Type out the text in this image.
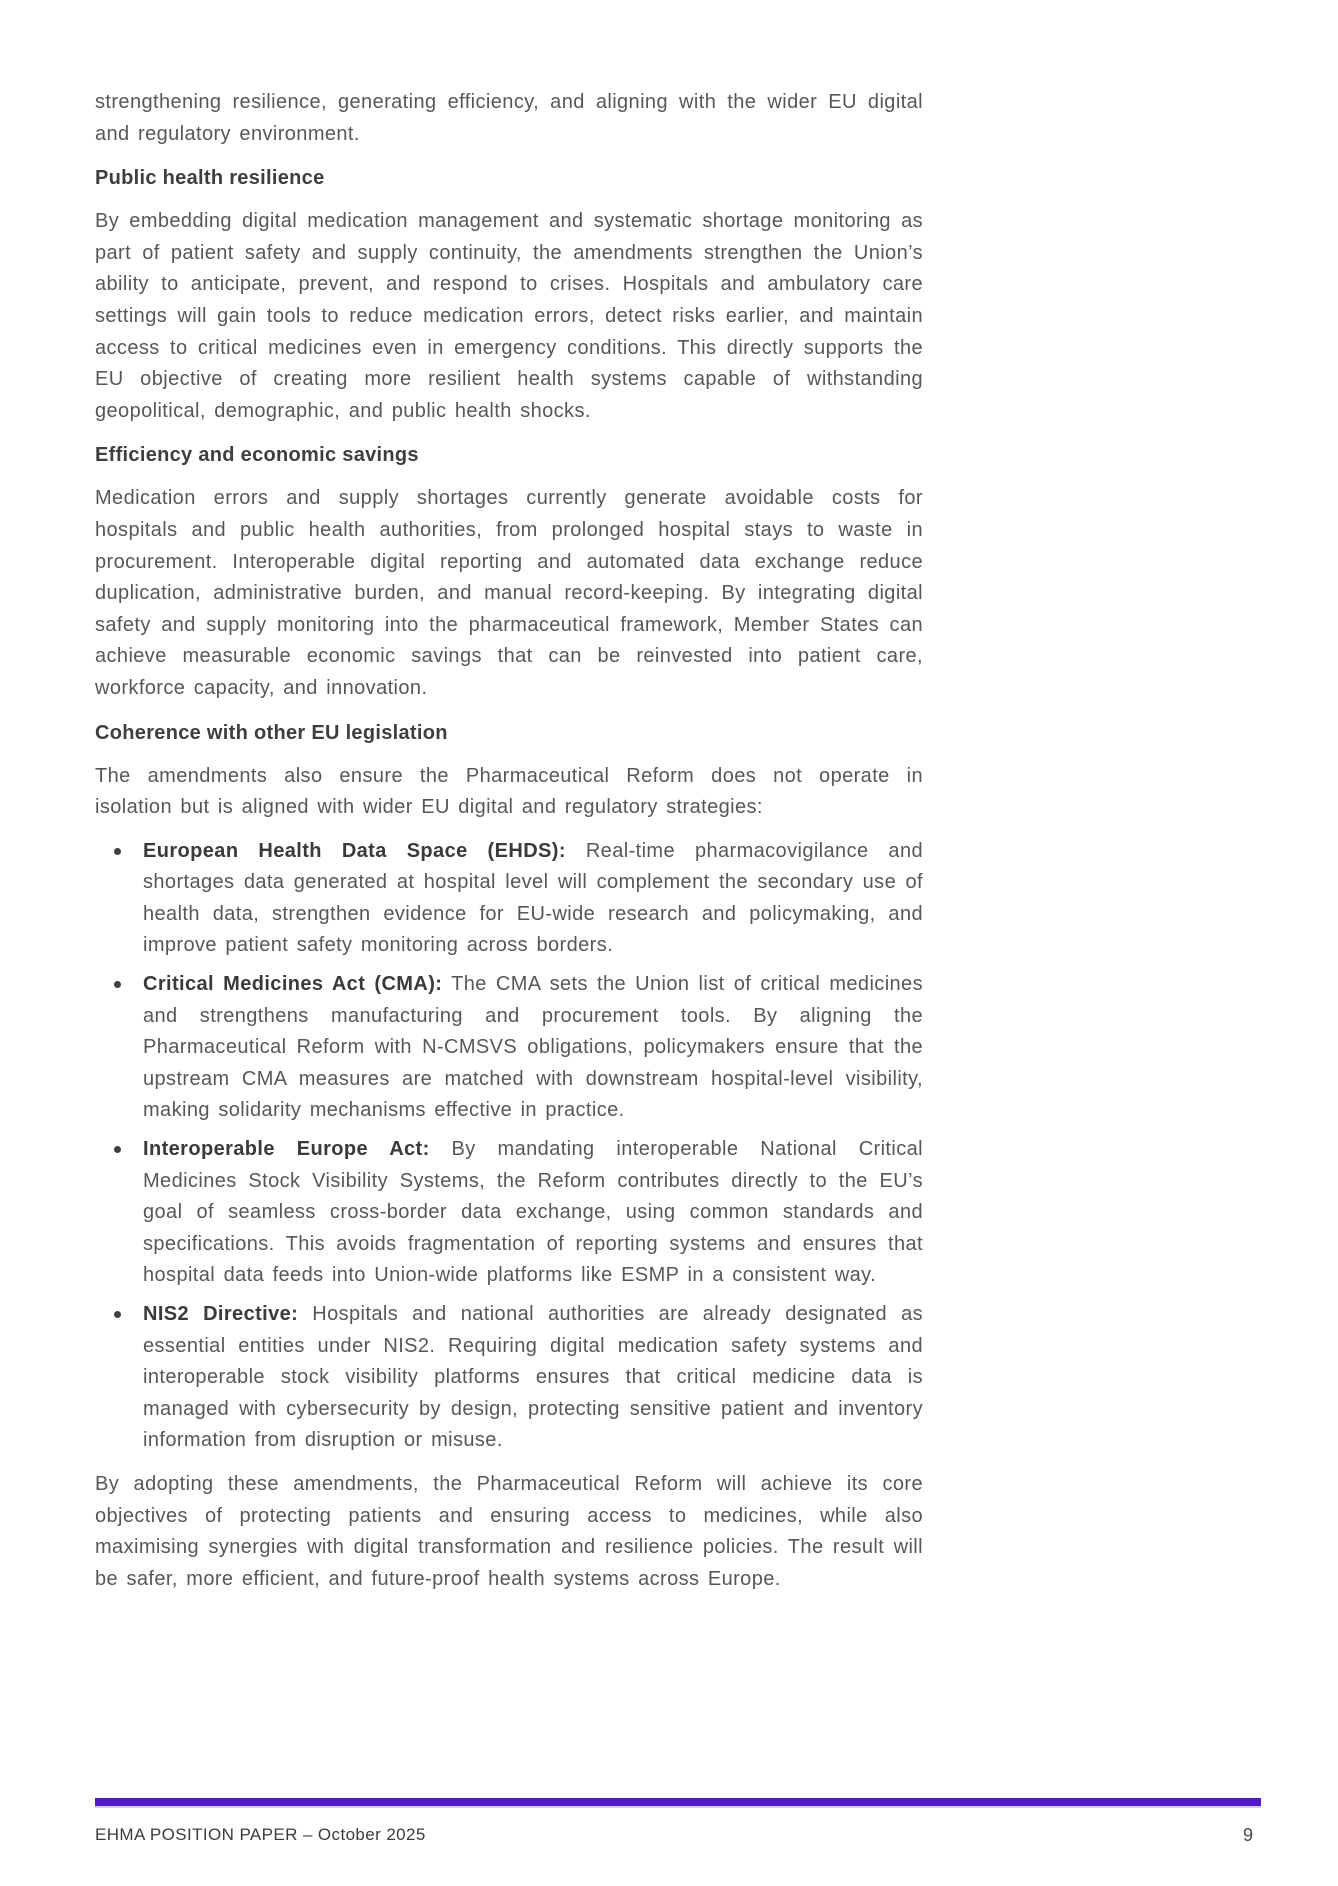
strengthening resilience, generating efficiency, and aligning with the wider EU digital and regulatory environment.

Public health resilience

By embedding digital medication management and systematic shortage monitoring as part of patient safety and supply continuity, the amendments strengthen the Union’s ability to anticipate, prevent, and respond to crises. Hospitals and ambulatory care settings will gain tools to reduce medication errors, detect risks earlier, and maintain access to critical medicines even in emergency conditions. This directly supports the EU objective of creating more resilient health systems capable of withstanding geopolitical, demographic, and public health shocks.

Efficiency and economic savings

Medication errors and supply shortages currently generate avoidable costs for hospitals and public health authorities, from prolonged hospital stays to waste in procurement. Interoperable digital reporting and automated data exchange reduce duplication, administrative burden, and manual record-keeping. By integrating digital safety and supply monitoring into the pharmaceutical framework, Member States can achieve measurable economic savings that can be reinvested into patient care, workforce capacity, and innovation.

Coherence with other EU legislation

The amendments also ensure the Pharmaceutical Reform does not operate in isolation but is aligned with wider EU digital and regulatory strategies:

European Health Data Space (EHDS): Real-time pharmacovigilance and shortages data generated at hospital level will complement the secondary use of health data, strengthen evidence for EU-wide research and policymaking, and improve patient safety monitoring across borders.
Critical Medicines Act (CMA): The CMA sets the Union list of critical medicines and strengthens manufacturing and procurement tools. By aligning the Pharmaceutical Reform with N-CMSVS obligations, policymakers ensure that the upstream CMA measures are matched with downstream hospital-level visibility, making solidarity mechanisms effective in practice.
Interoperable Europe Act: By mandating interoperable National Critical Medicines Stock Visibility Systems, the Reform contributes directly to the EU’s goal of seamless cross-border data exchange, using common standards and specifications. This avoids fragmentation of reporting systems and ensures that hospital data feeds into Union-wide platforms like ESMP in a consistent way.
NIS2 Directive: Hospitals and national authorities are already designated as essential entities under NIS2. Requiring digital medication safety systems and interoperable stock visibility platforms ensures that critical medicine data is managed with cybersecurity by design, protecting sensitive patient and inventory information from disruption or misuse.

By adopting these amendments, the Pharmaceutical Reform will achieve its core objectives of protecting patients and ensuring access to medicines, while also maximising synergies with digital transformation and resilience policies. The result will be safer, more efficient, and future-proof health systems across Europe.

EHMA POSITION PAPER – October 2025	9
